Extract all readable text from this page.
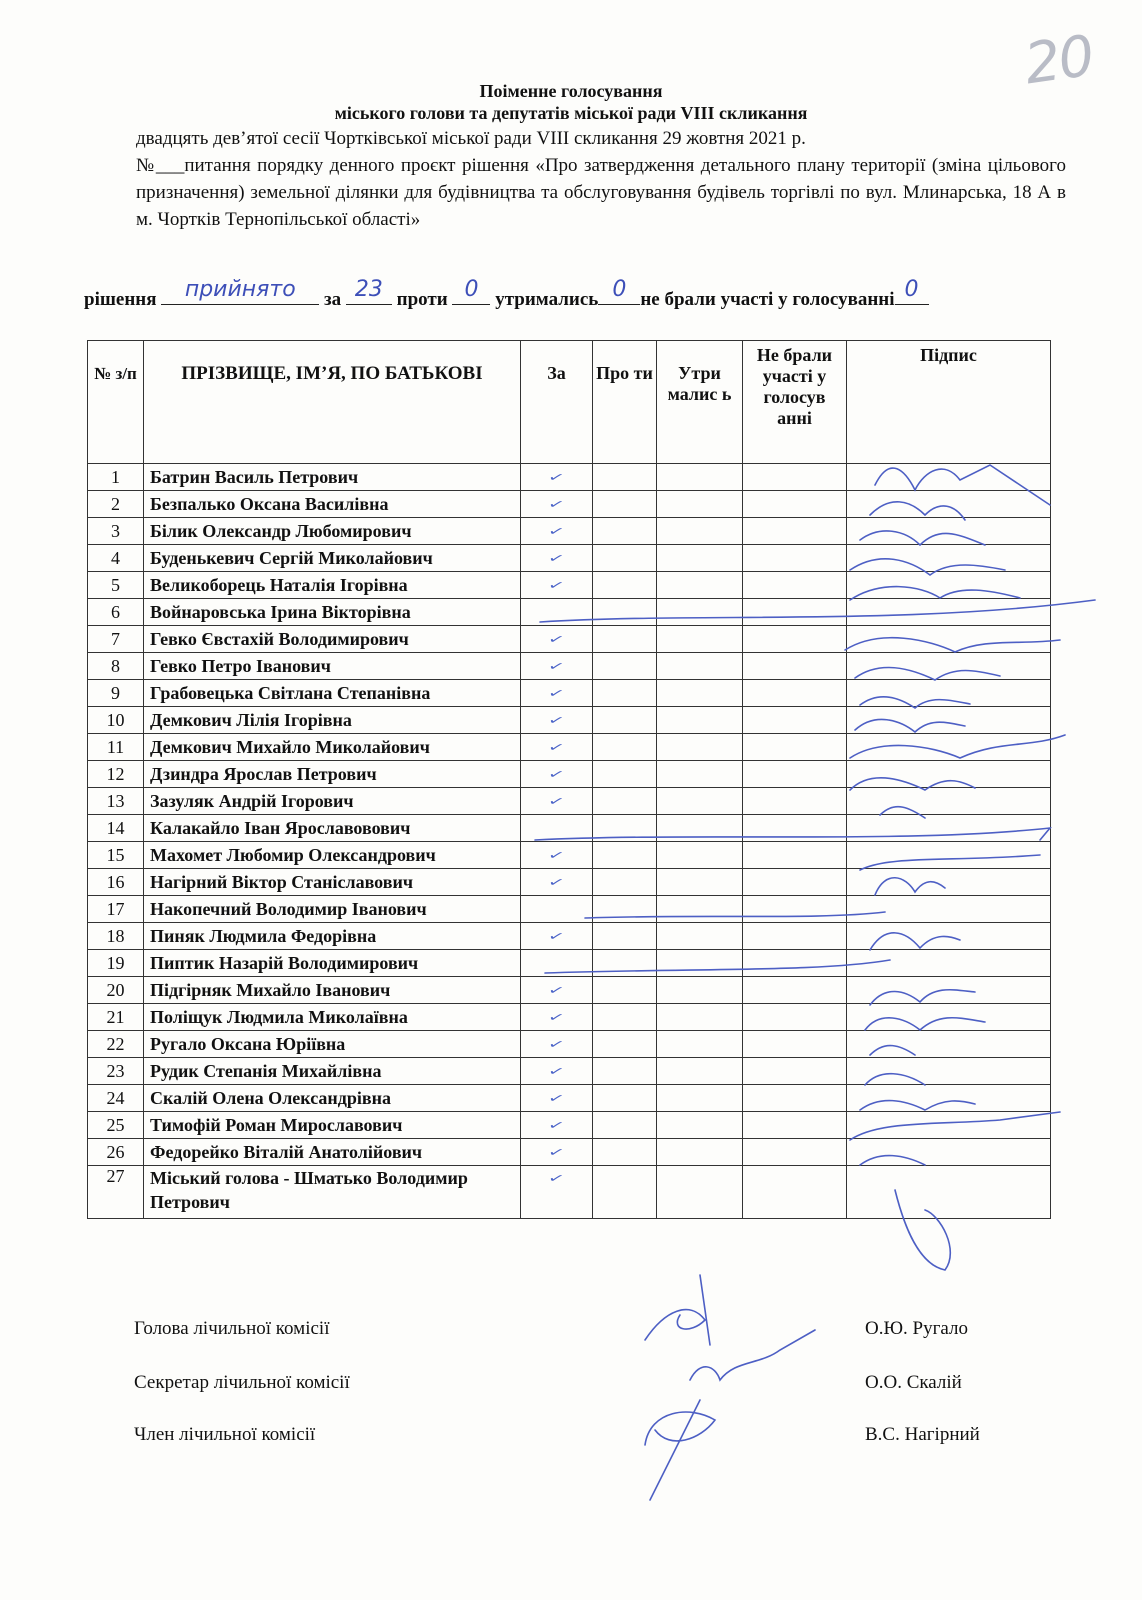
20
Поіменне голосування
міського голови та депутатів міської ради VIII скликання
двадцять дев’ятої сесії Чортківської міської ради VIII скликання 29 жовтня 2021 р.
№___питання порядку денного проєкт рішення «Про затвердження детального плану території (зміна цільового призначення) земельної ділянки для будівництва та обслуговування будівель торгівлі по вул. Млинарська, 18 А в м. Чортків Тернопільської області»
рішення	прийнято	за 23 проти 0 утримались 0 не брали участі у голосуванні 0
№ з/п	ПРІЗВИЩЕ, ІМ’Я, ПО БАТЬКОВІ	За	Про ти	Утри малис ь	Не брали участі у голосув анні	Підпис
1	Батрин Василь Петрович	✓				
2	Безпалько Оксана Василівна	✓				
3	Білик Олександр Любомирович	✓				
4	Буденькевич Сергій Миколайович	✓				
5	Великоборець Наталія Ігорівна	✓				
6	Войнаровська Ірина Вікторівна					
7	Гевко Євстахій Володимирович	✓				
8	Гевко Петро Іванович	✓				
9	Грабовецька Світлана Степанівна	✓				
10	Демкович Лілія Ігорівна	✓				
11	Демкович Михайло Миколайович	✓				
12	Дзиндра Ярослав Петрович	✓				
13	Зазуляк Андрій Ігорович	✓				
14	Калакайло Іван Ярославовович					
15	Махомет Любомир Олександрович	✓				
16	Нагірний Віктор Станіславович	✓				
17	Накопечний Володимир Іванович					
18	Пиняк Людмила Федорівна	✓				
19	Пиптик Назарій Володимирович					
20	Підгірняк Михайло Іванович	✓				
21	Поліщук Людмила Миколаївна	✓				
22	Ругало Оксана Юріївна	✓				
23	Рудик Степанія Михайлівна	✓				
24	Скалій Олена Олександрівна	✓				
25	Тимофій Роман Мирославович	✓				
26	Федорейко Віталій Анатолійович	✓				
27	Міський голова - Шматько Володимир Петрович	✓				
Голова лічильної комісії	О.Ю. Ругало
Секретар лічильної комісії	О.О. Скалій
Член лічильної комісії	В.С. Нагірний
